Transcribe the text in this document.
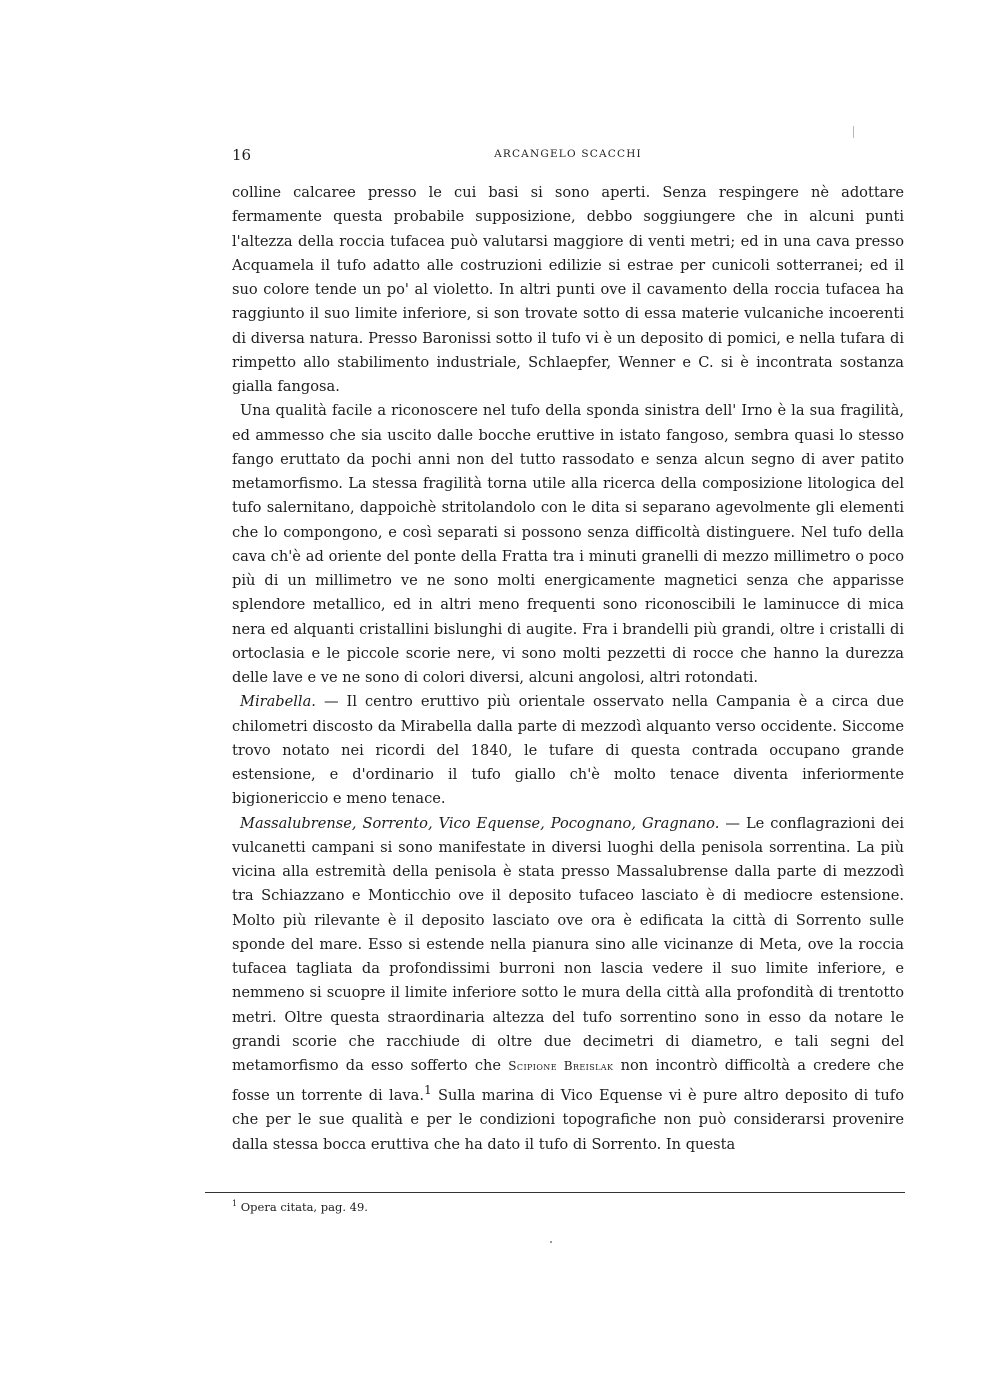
16	ARCANGELO SCACCHI

colline calcaree presso le cui basi si sono aperti. Senza respingere nè adottare fermamente questa probabile supposizione, debbo soggiungere che in alcuni punti l'altezza della roccia tufacea può valutarsi maggiore di venti metri; ed in una cava presso Acquamela il tufo adatto alle costruzioni edilizie si estrae per cunicoli sotterranei; ed il suo colore tende un po' al violetto. In altri punti ove il cavamento della roccia tufacea ha raggiunto il suo limite inferiore, si son trovate sotto di essa materie vulcaniche incoerenti di diversa natura. Presso Baronissi sotto il tufo vi è un deposito di pomici, e nella tufara di rimpetto allo stabilimento industriale, Schlaepfer, Wenner e C. si è incontrata sostanza gialla fangosa.

Una qualità facile a riconoscere nel tufo della sponda sinistra dell' Irno è la sua fragilità, ed ammesso che sia uscito dalle bocche eruttive in istato fangoso, sembra quasi lo stesso fango eruttato da pochi anni non del tutto rassodato e senza alcun segno di aver patito metamorfismo. La stessa fragilità torna utile alla ricerca della composizione litologica del tufo salernitano, dappoichè stritolandolo con le dita si separano agevolmente gli elementi che lo compongono, e così separati si possono senza difficoltà distinguere. Nel tufo della cava ch'è ad oriente del ponte della Fratta tra i minuti granelli di mezzo millimetro o poco più di un millimetro ve ne sono molti energicamente magnetici senza che apparisse splendore metallico, ed in altri meno frequenti sono riconoscibili le laminucce di mica nera ed alquanti cristallini bislunghi di augite. Fra i brandelli più grandi, oltre i cristalli di ortoclasia e le piccole scorie nere, vi sono molti pezzetti di rocce che hanno la durezza delle lave e ve ne sono di colori diversi, alcuni angolosi, altri rotondati.

Mirabella. — Il centro eruttivo più orientale osservato nella Campania è a circa due chilometri discosto da Mirabella dalla parte di mezzodì alquanto verso occidente. Siccome trovo notato nei ricordi del 1840, le tufare di questa contrada occupano grande estensione, e d'ordinario il tufo giallo ch'è molto tenace diventa inferiormente bigionericcio e meno tenace.

Massalubrense, Sorrento, Vico Equense, Pocognano, Gragnano. — Le conflagrazioni dei vulcanetti campani si sono manifestate in diversi luoghi della penisola sorrentina. La più vicina alla estremità della penisola è stata presso Massalubrense dalla parte di mezzodì tra Schiazzano e Monticchio ove il deposito tufaceo lasciato è di mediocre estensione. Molto più rilevante è il deposito lasciato ove ora è edificata la città di Sorrento sulle sponde del mare. Esso si estende nella pianura sino alle vicinanze di Meta, ove la roccia tufacea tagliata da profondissimi burroni non lascia vedere il suo limite inferiore, e nemmeno si scuopre il limite inferiore sotto le mura della città alla profondità di trentotto metri. Oltre questa straordinaria altezza del tufo sorrentino sono in esso da notare le grandi scorie che racchiude di oltre due decimetri di diametro, e tali segni del metamorfismo da esso sofferto che Scipione Breislak non incontrò difficoltà a credere che fosse un torrente di lava.$^1$ Sulla marina di Vico Equense vi è pure altro deposito di tufo che per le sue qualità e per le condizioni topografiche non può considerarsi provenire dalla stessa bocca eruttiva che ha dato il tufo di Sorrento. In questa

$^1$ Opera citata, pag. 49.
